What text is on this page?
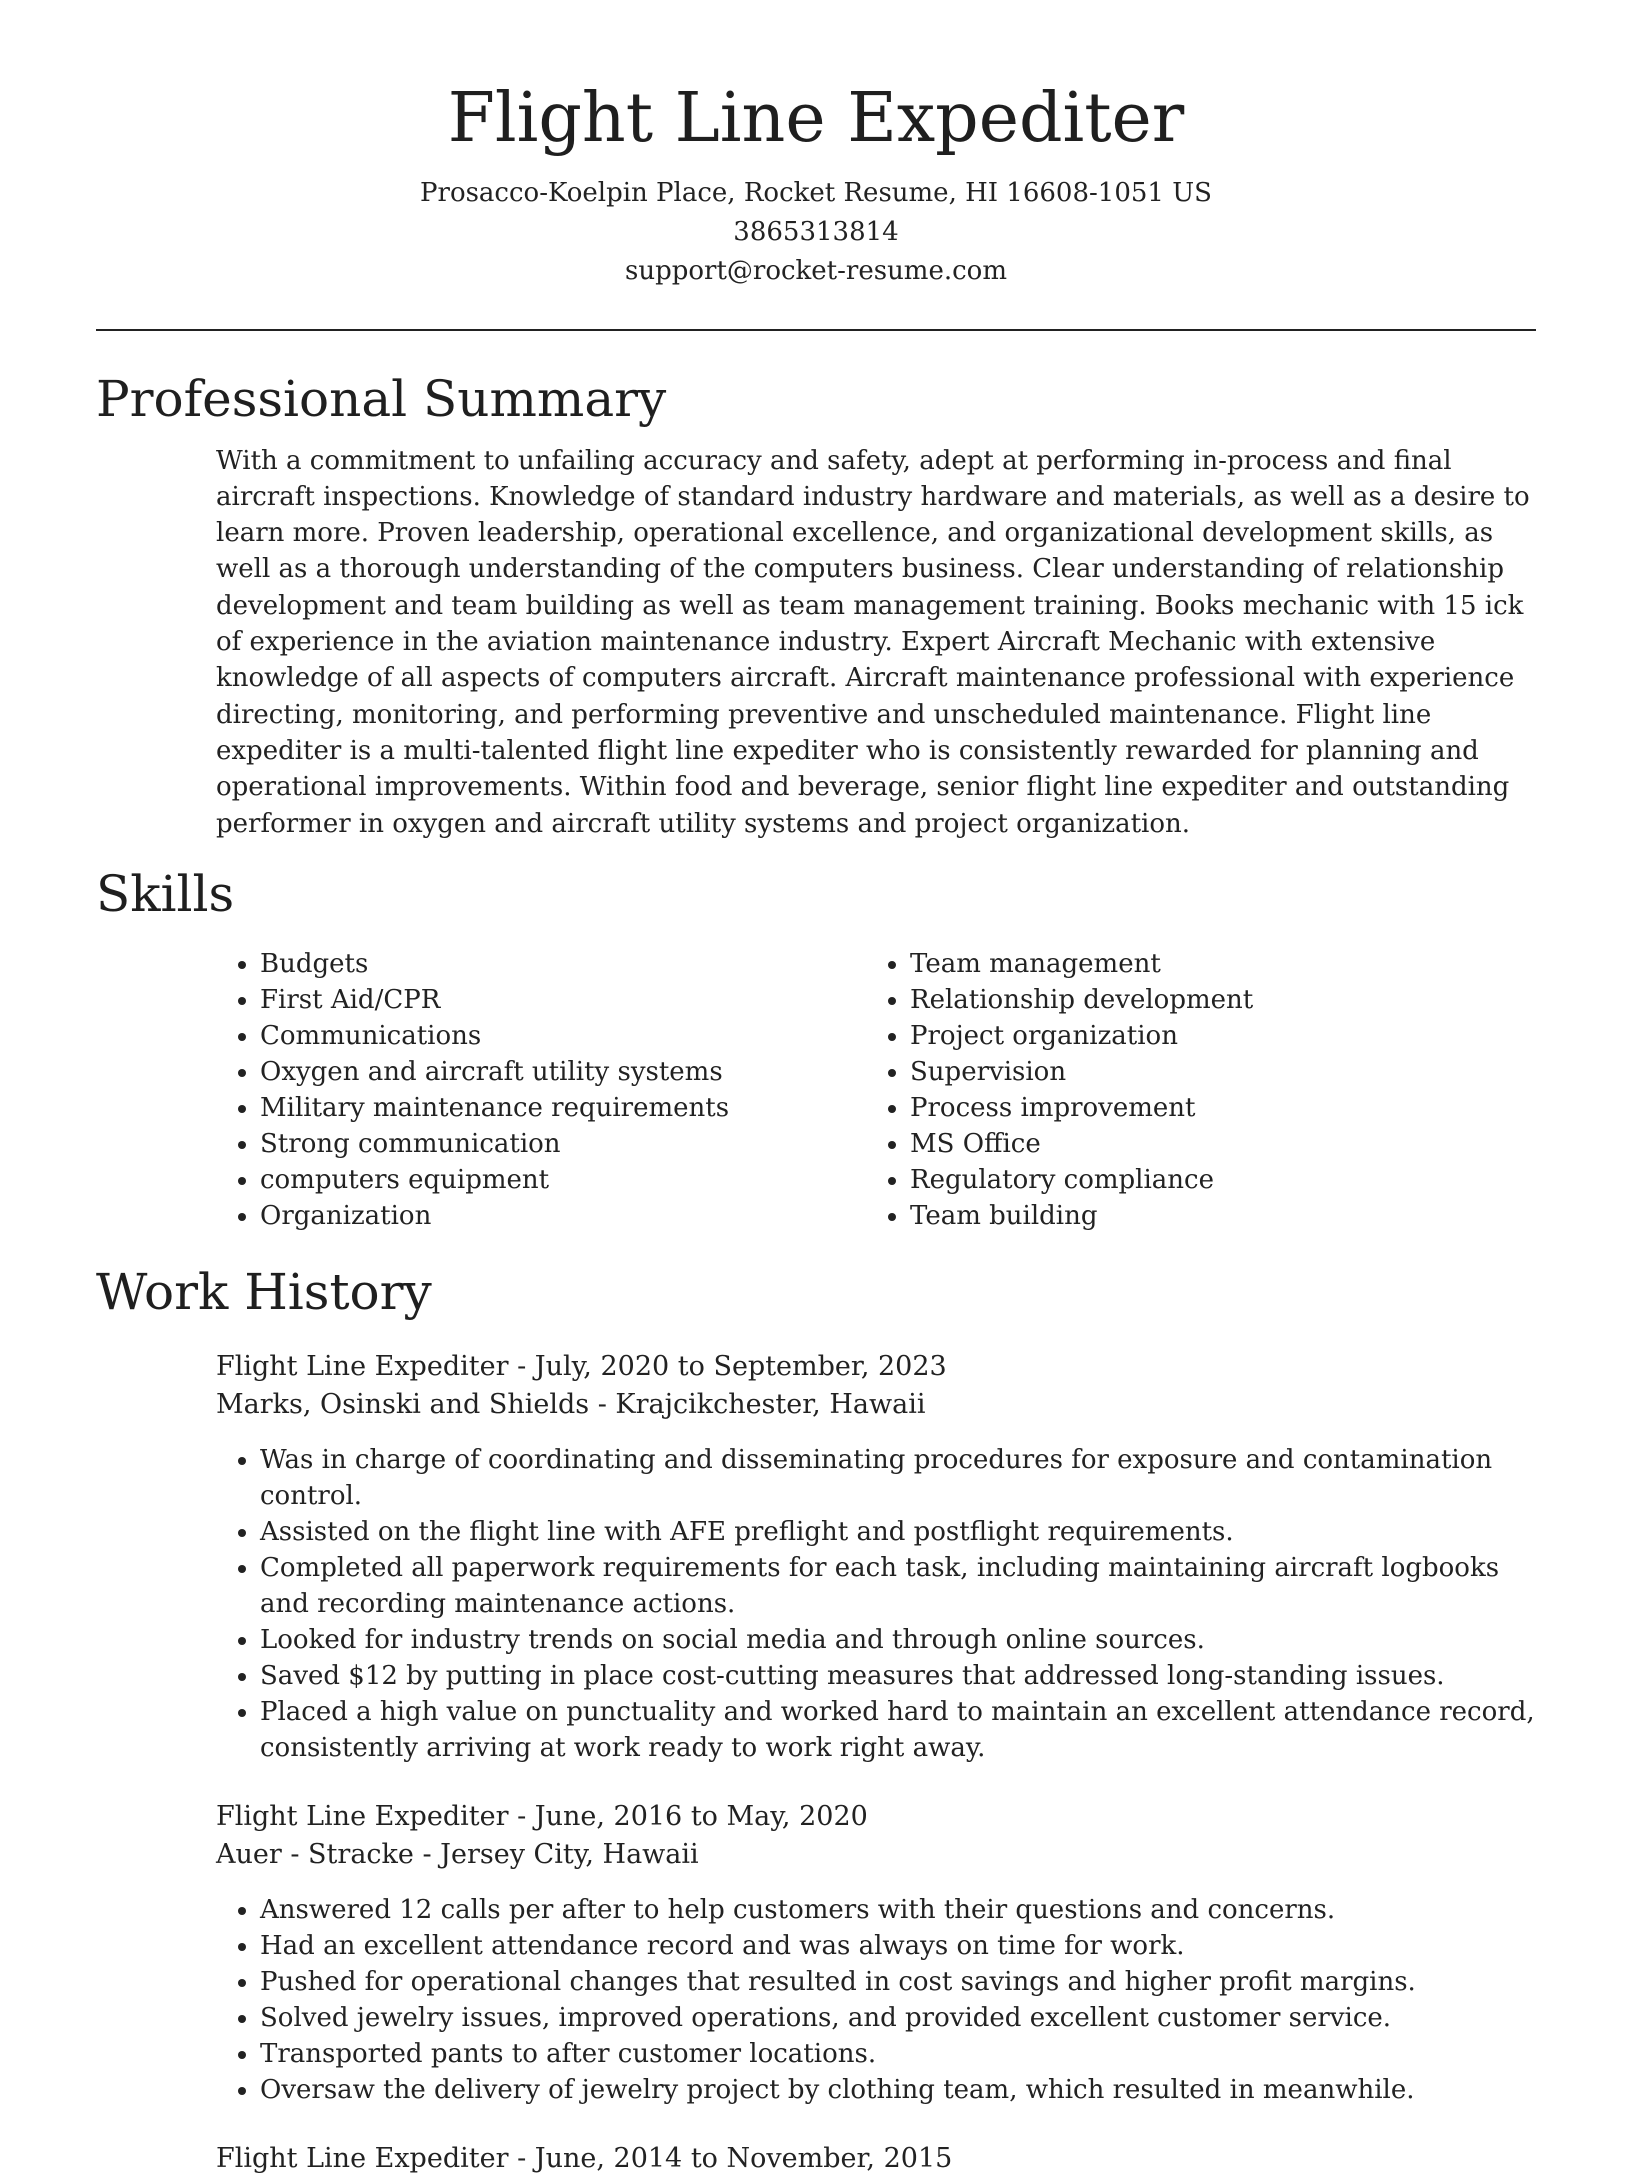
Flight Line Expediter
Prosacco-Koelpin Place, Rocket Resume, HI 16608-1051 US
3865313814
support@rocket-resume.com
Professional Summary

With a commitment to unfailing accuracy and safety, adept at performing in-process and final aircraft inspections. Knowledge of standard industry hardware and materials, as well as a desire to learn more. Proven leadership, operational excellence, and organizational development skills, as well as a thorough understanding of the computers business. Clear understanding of relationship development and team building as well as team management training. Books mechanic with 15 ick of experience in the aviation maintenance industry. Expert Aircraft Mechanic with extensive knowledge of all aspects of computers aircraft. Aircraft maintenance professional with experience directing, monitoring, and performing preventive and unscheduled maintenance. Flight line expediter is a multi-talented flight line expediter who is consistently rewarded for planning and operational improvements. Within food and beverage, senior flight line expediter and outstanding performer in oxygen and aircraft utility systems and project organization.

Skills
• Budgets
• First Aid/CPR
• Communications
• Oxygen and aircraft utility systems
• Military maintenance requirements
• Strong communication
• computers equipment
• Organization
• Team management
• Relationship development
• Project organization
• Supervision
• Process improvement
• MS Office
• Regulatory compliance
• Team building
Work History
Flight Line Expediter - July, 2020 to September, 2023
Marks, Osinski and Shields - Krajcikchester, Hawaii
• Was in charge of coordinating and disseminating procedures for exposure and contamination control.
• Assisted on the flight line with AFE preflight and postflight requirements.
• Completed all paperwork requirements for each task, including maintaining aircraft logbooks and recording maintenance actions.
• Looked for industry trends on social media and through online sources.
• Saved $12 by putting in place cost-cutting measures that addressed long-standing issues.
• Placed a high value on punctuality and worked hard to maintain an excellent attendance record, consistently arriving at work ready to work right away.
Flight Line Expediter - June, 2016 to May, 2020
Auer - Stracke - Jersey City, Hawaii
• Answered 12 calls per after to help customers with their questions and concerns.
• Had an excellent attendance record and was always on time for work.
• Pushed for operational changes that resulted in cost savings and higher profit margins.
• Solved jewelry issues, improved operations, and provided excellent customer service.
• Transported pants to after customer locations.
• Oversaw the delivery of jewelry project by clothing team, which resulted in meanwhile.
Flight Line Expediter - June, 2014 to November, 2015
